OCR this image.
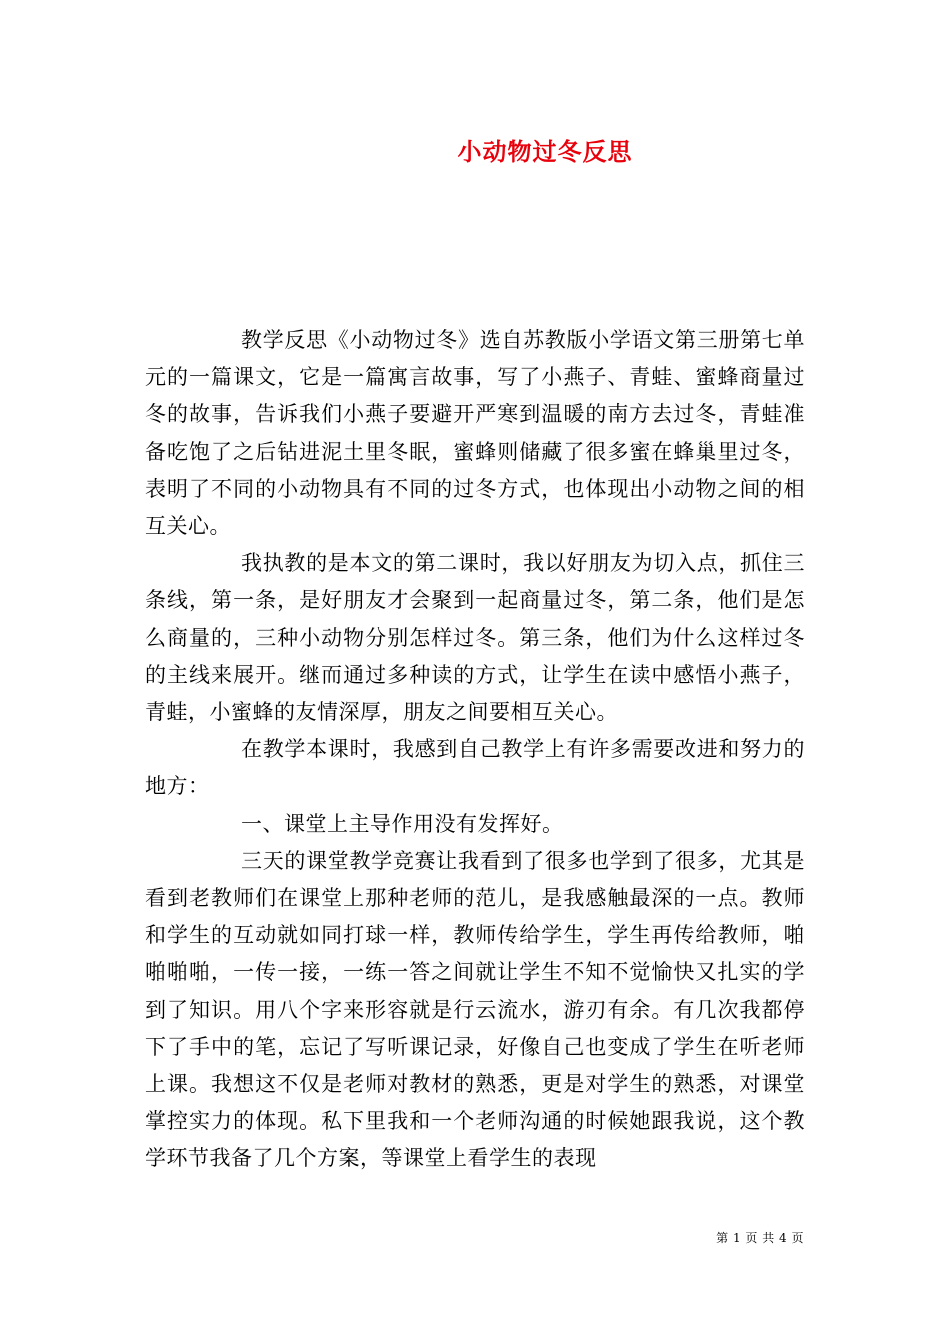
小动物过冬反思

教学反思《小动物过冬》选自苏教版小学语文第三册第七单元的一篇课文，它是一篇寓言故事，写了小燕子、青蛙、蜜蜂商量过冬的故事，告诉我们小燕子要避开严寒到温暖的南方去过冬，青蛙准备吃饱了之后钻进泥土里冬眠，蜜蜂则储藏了很多蜜在蜂巢里过冬，表明了不同的小动物具有不同的过冬方式，也体现出小动物之间的相互关心。

我执教的是本文的第二课时，我以好朋友为切入点，抓住三条线，第一条，是好朋友才会聚到一起商量过冬，第二条，他们是怎么商量的，三种小动物分别怎样过冬。第三条，他们为什么这样过冬的主线来展开。继而通过多种读的方式，让学生在读中感悟小燕子，青蛙，小蜜蜂的友情深厚，朋友之间要相互关心。

在教学本课时，我感到自己教学上有许多需要改进和努力的地方：

一、课堂上主导作用没有发挥好。

三天的课堂教学竞赛让我看到了很多也学到了很多，尤其是看到老教师们在课堂上那种老师的范儿，是我感触最深的一点。教师和学生的互动就如同打球一样，教师传给学生，学生再传给教师，啪啪啪啪，一传一接，一练一答之间就让学生不知不觉愉快又扎实的学到了知识。用八个字来形容就是行云流水，游刃有余。有几次我都停下了手中的笔，忘记了写听课记录，好像自己也变成了学生在听老师上课。我想这不仅是老师对教材的熟悉，更是对学生的熟悉，对课堂掌控实力的体现。私下里我和一个老师沟通的时候她跟我说，这个教学环节我备了几个方案，等课堂上看学生的表现

第 1 页 共 4 页
